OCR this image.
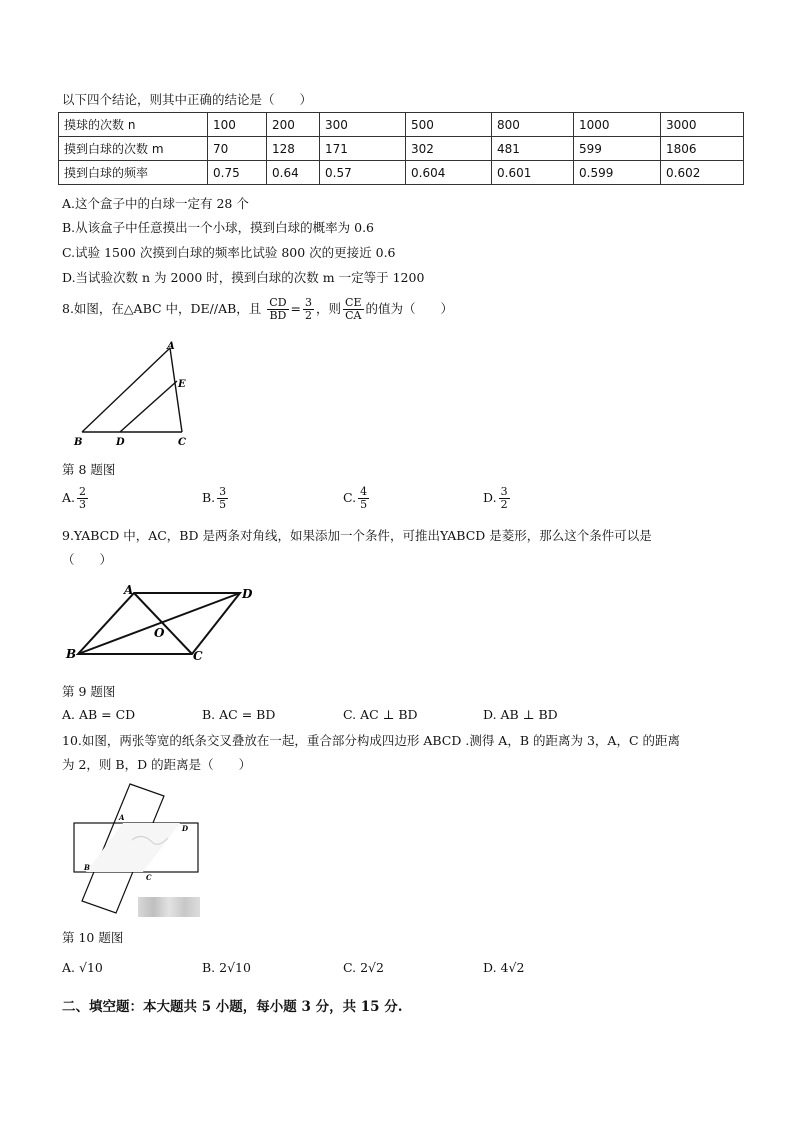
以下四个结论，则其中正确的结论是（　　）
摸球的次数 n	100	200	300	500	800	1000	3000
摸到白球的次数 m	70	128	171	302	481	599	1806
摸到白球的频率	0.75	0.64	0.57	0.604	0.601	0.599	0.602
A.这个盒子中的白球一定有 28 个
B.从该盒子中任意摸出一个小球，摸到白球的概率为 0.6
C.试验 1500 次摸到白球的频率比试验 800 次的更接近 0.6
D.当试验次数 n 为 2000 时，摸到白球的次数 m 一定等于 1200
8.如图，在△ABC 中，DE//AB，且 $\frac{CD}{BD} = \frac{3}{2}$ ，则 $\frac{CE}{CA}$ 的值为（　　）
A
E
B	D	C
第 8 题图
A. $\frac{2}{3}$	B. $\frac{3}{5}$	C. $\frac{4}{5}$	D. $\frac{3}{2}$
9.YABCD 中，AC，BD 是两条对角线，如果添加一个条件，可推出YABCD 是菱形，那么这个条件可以是
（　　）
A	D
O
B	C
第 9 题图
A. AB = CD	B. AC = BD	C. AC ⊥ BD	D. AB ⊥ BD
10.如图，两张等宽的纸条交叉叠放在一起，重合部分构成四边形 ABCD .测得 A，B 的距离为 3，A，C 的距离
为 2，则 B，D 的距离是（　　）
A
D
B
C
第 10 题图
A. √10	B. 2√10	C. 2√2	D. 4√2
二、填空题：本大题共 5 小题，每小题 3 分，共 15 分.
